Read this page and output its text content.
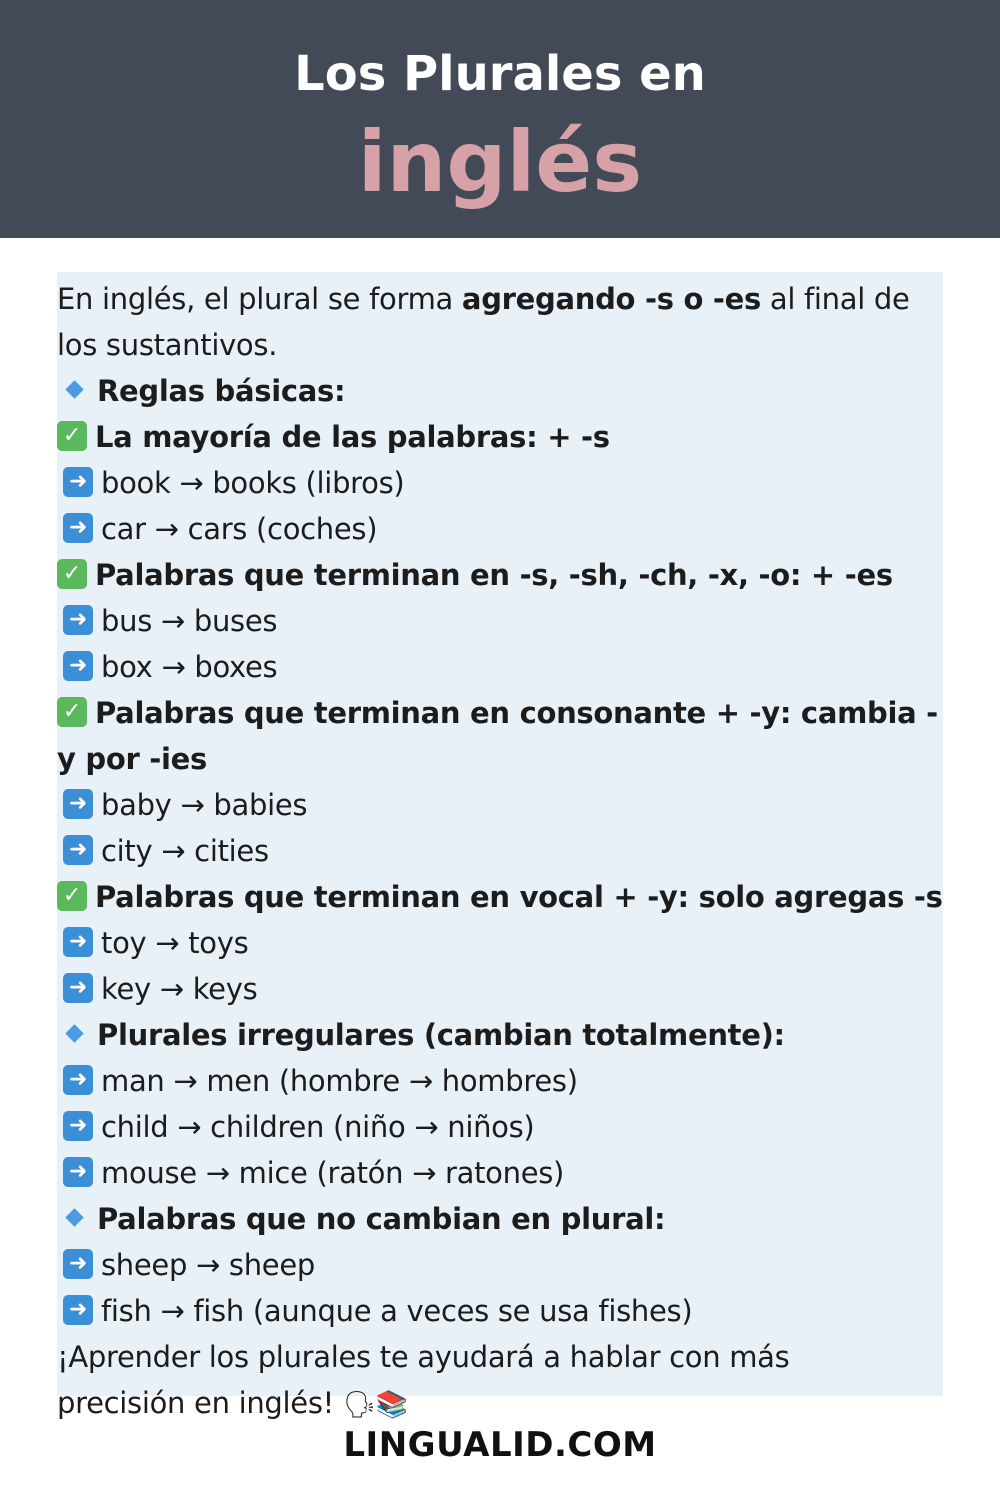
Los Plurales en
inglés
En inglés, el plural se forma agregando -s o -es al final de los sustantivos.
Reglas básicas:
✓ La mayoría de las palabras: + -s
➜ book → books (libros)
➜ car → cars (coches)
✓ Palabras que terminan en -s, -sh, -ch, -x, -o: + -es
➜ bus → buses
➜ box → boxes
✓ Palabras que terminan en consonante + -y: cambia -
y por -ies
➜ baby → babies
➜ city → cities
✓ Palabras que terminan en vocal + -y: solo agregas -s
➜ toy → toys
➜ key → keys
Plurales irregulares (cambian totalmente):
➜ man → men (hombre → hombres)
➜ child → children (niño → niños)
➜ mouse → mice (ratón → ratones)
Palabras que no cambian en plural:
➜ sheep → sheep
➜ fish → fish (aunque a veces se usa fishes)
¡Aprender los plurales te ayudará a hablar con más
precisión en inglés! 🗣📚
LINGUALID.COM
